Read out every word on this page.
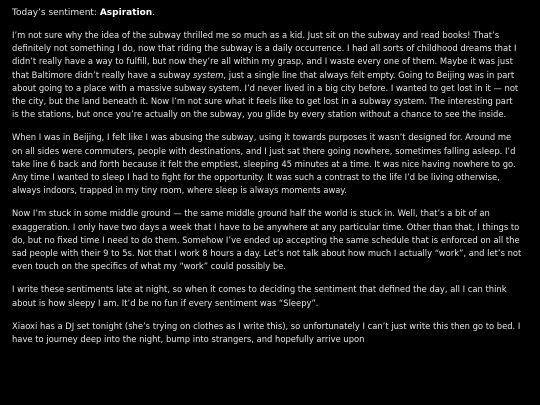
Today’s sentiment: Aspiration.

I’m not sure why the idea of the subway thrilled me so much as a kid. Just sit on the subway and read books! That’s definitely not something I do, now that riding the subway is a daily occurrence. I had all sorts of childhood dreams that I didn’t really have a way to fulfill, but now they’re all within my grasp, and I waste every one of them. Maybe it was just that Baltimore didn’t really have a subway system, just a single line that always felt empty. Going to Beijing was in part about going to a place with a massive subway system. I’d never lived in a big city before. I wanted to get lost in it — not the city, but the land beneath it. Now I’m not sure what it feels like to get lost in a subway system. The interesting part is the stations, but once you’re actually on the subway, you glide by every station without a chance to see the inside.

When I was in Beijing, I felt like I was abusing the subway, using it towards purposes it wasn’t designed for. Around me on all sides were commuters, people with destinations, and I just sat there going nowhere, sometimes falling asleep. I’d take line 6 back and forth because it felt the emptiest, sleeping 45 minutes at a time. It was nice having nowhere to go. Any time I wanted to sleep I had to fight for the opportunity. It was such a contrast to the life I’d be living otherwise, always indoors, trapped in my tiny room, where sleep is always moments away.

Now I’m stuck in some middle ground — the same middle ground half the world is stuck in. Well, that’s a bit of an exaggeration. I only have two days a week that I have to be anywhere at any particular time. Other than that, I things to do, but no fixed time I need to do them. Somehow I’ve ended up accepting the same schedule that is enforced on all the sad people with their 9 to 5s. Not that I work 8 hours a day. Let’s not talk about how much I actually “work”, and let’s not even touch on the specifics of what my “work” could possibly be.

I write these sentiments late at night, so when it comes to deciding the sentiment that defined the day, all I can think about is how sleepy I am. It’d be no fun if every sentiment was “Sleepy”.

Xiaoxi has a DJ set tonight (she’s trying on clothes as I write this), so unfortunately I can’t just write this then go to bed. I have to journey deep into the night, bump into strangers, and hopefully arrive upon
